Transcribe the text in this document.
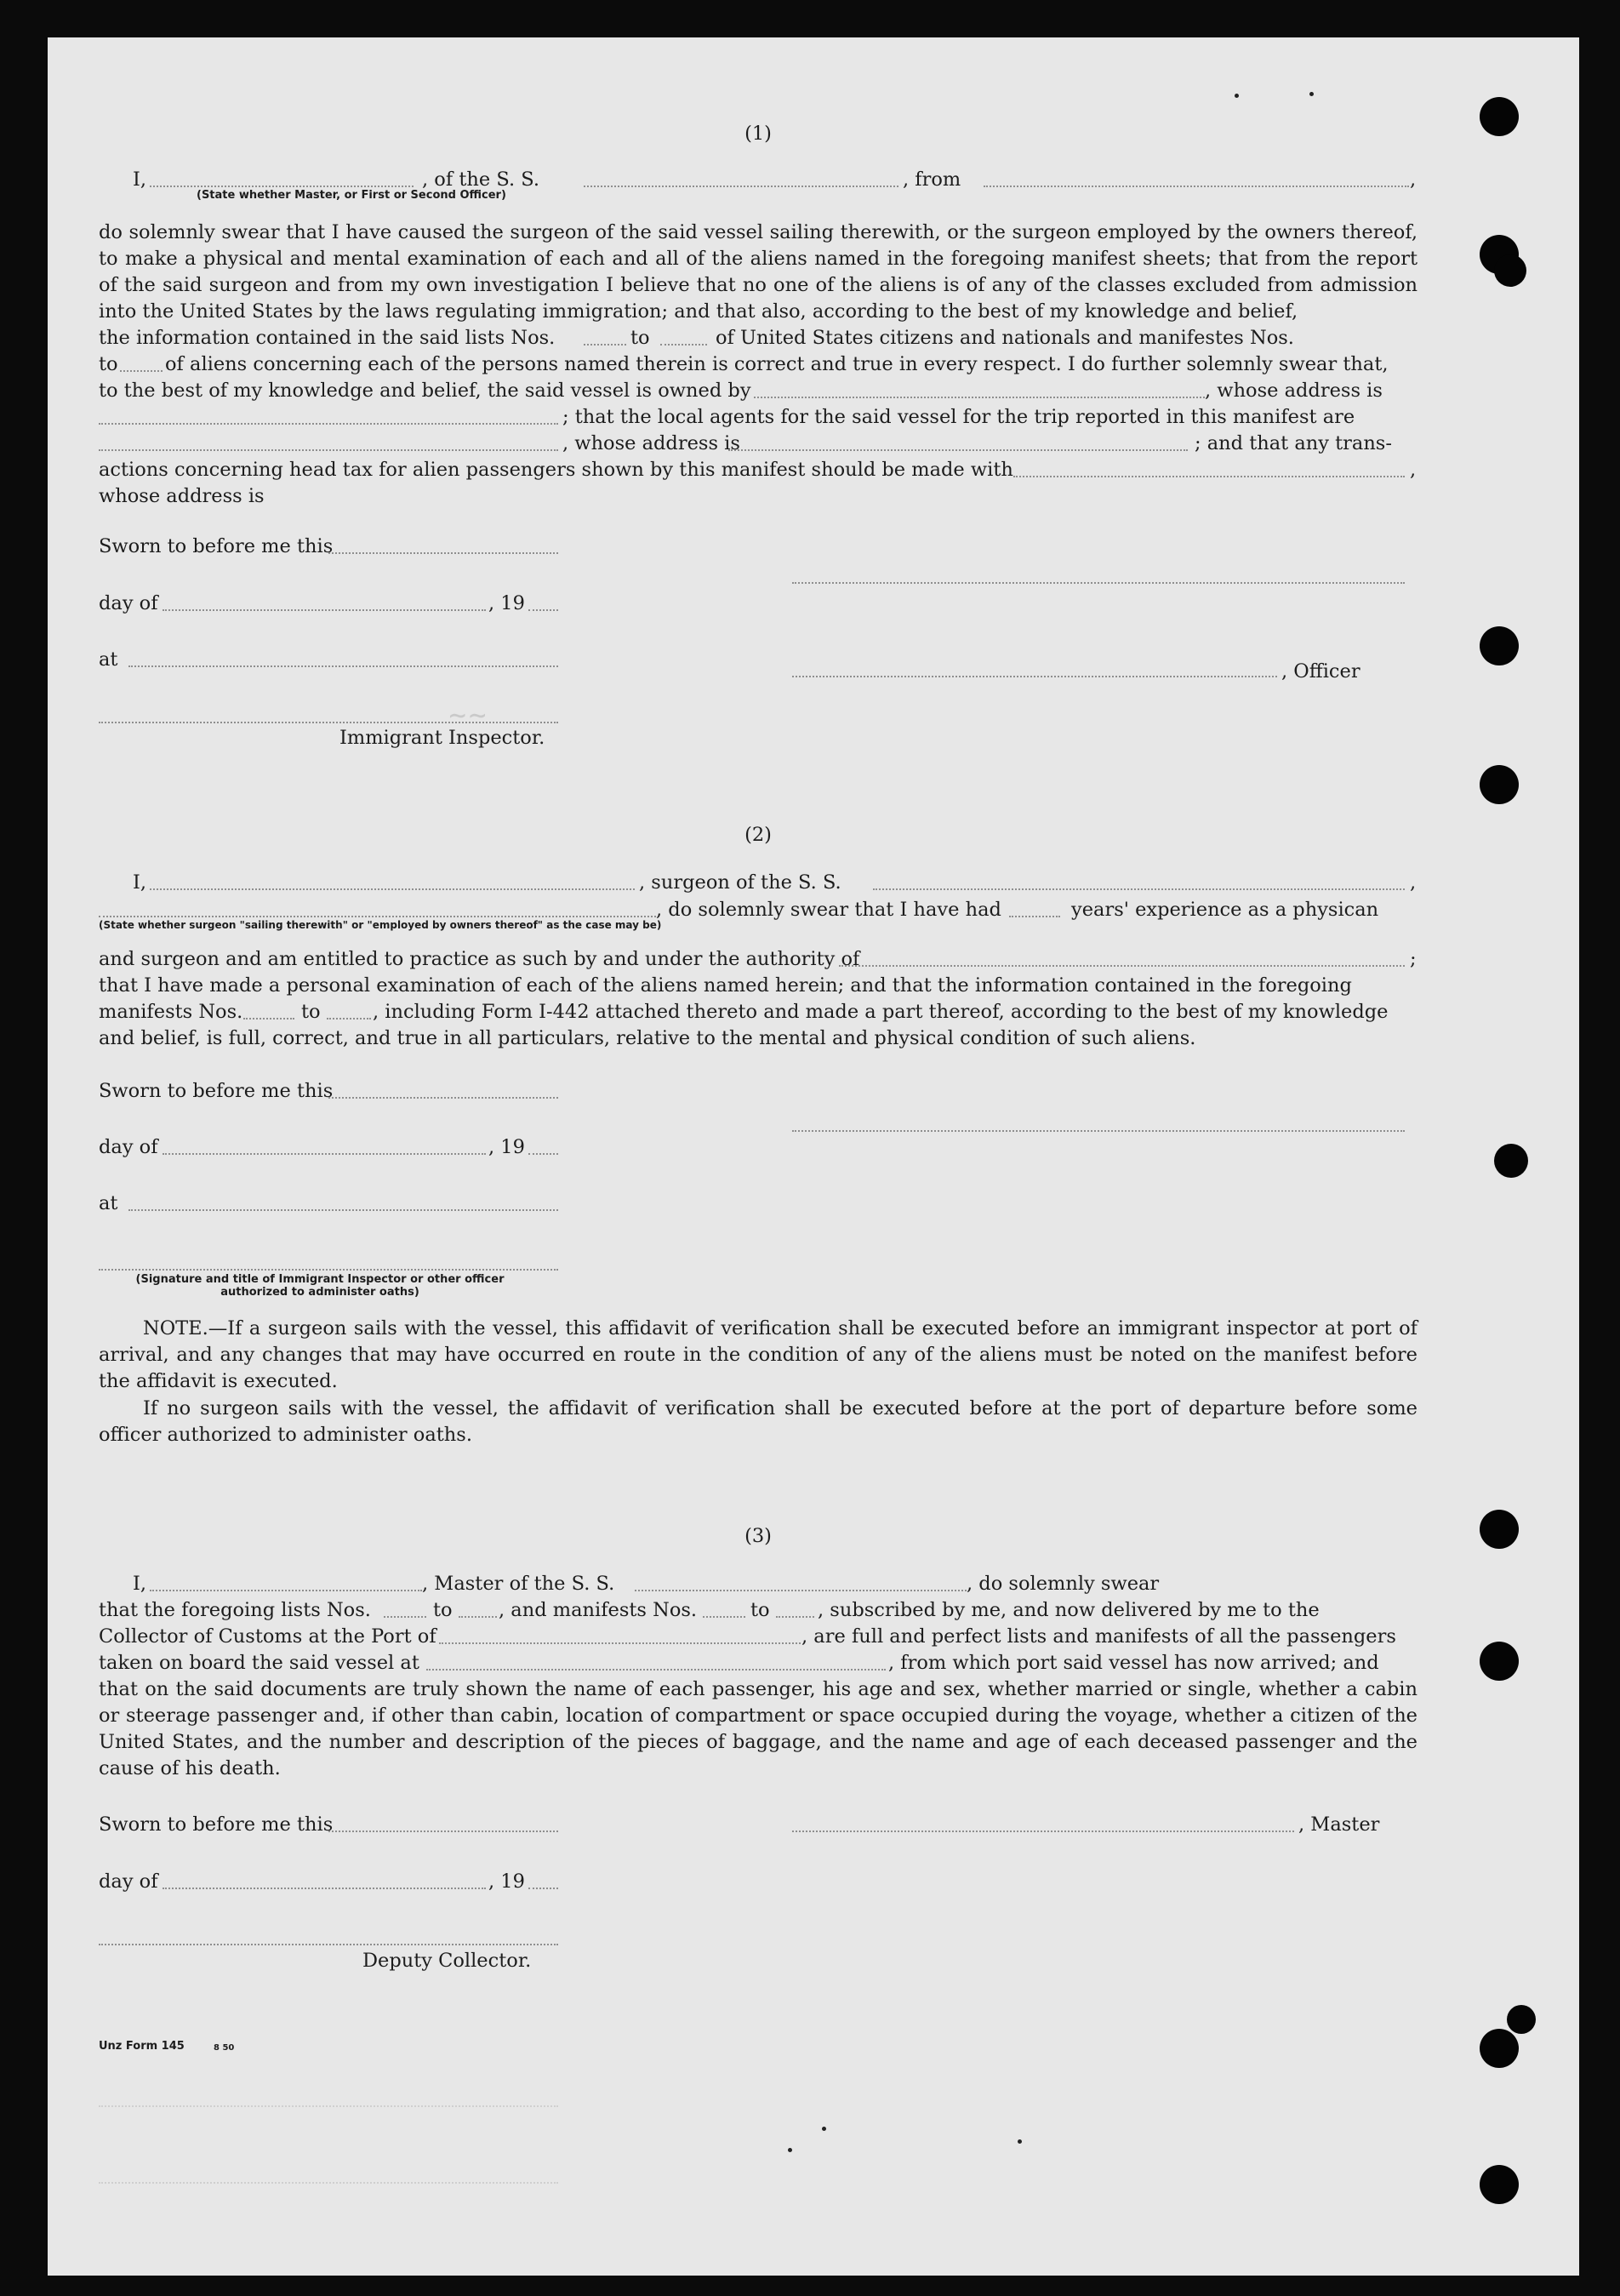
∼∼
(1)
I,	, of the S. S.	, from	,
(State whether Master, or First or Second Officer)
do solemnly swear that I have caused the surgeon of the said vessel sailing therewith, or the surgeon employed by the owners thereof, to make a physical and mental examination of each and all of the aliens named in the foregoing manifest sheets; that from the report of the said surgeon and from my own investigation I believe that no one of the aliens is of any of the classes excluded from admission into the United States by the laws regulating immigration; and that also, according to the best of my knowledge and belief,
the information contained in the said lists Nos.	to	of United States citizens and nationals and manifestes Nos.
to of aliens concerning each of the persons named therein is correct and true in every respect. I do further solemnly swear that,
to the best of my knowledge and belief, the said vessel is owned by	, whose address is
; that the local agents for the said vessel for the trip reported in this manifest are
, whose address is	; and that any trans-
actions concerning head tax for alien passengers shown by this manifest should be made with	,
whose address is
Sworn to before me this
day of	, 19
at
, Officer
Immigrant Inspector.
(2)
I,	, surgeon of the S. S.	,
, do solemnly swear that I have had	years' experience as a physican
(State whether surgeon "sailing therewith" or "employed by owners thereof" as the case may be)
and surgeon and am entitled to practice as such by and under the authority of	;
that I have made a personal examination of each of the aliens named herein; and that the information contained in the foregoing
manifests Nos.	to	, including Form I-442 attached thereto and made a part thereof, according to the best of my knowledge
and belief, is full, correct, and true in all particulars, relative to the mental and physical condition of such aliens.
Sworn to before me this
day of	, 19
at
(Signature and title of Immigrant Inspector or other officer authorized to administer oaths)
NOTE.—If a surgeon sails with the vessel, this affidavit of verification shall be executed before an immigrant inspector at port of arrival, and any changes that may have occurred en route in the condition of any of the aliens must be noted on the manifest before the affidavit is executed.
If no surgeon sails with the vessel, the affidavit of verification shall be executed before at the port of departure before some officer authorized to administer oaths.
(3)
I,	, Master of the S. S.	, do solemnly swear
that the foregoing lists Nos.	to , and manifests Nos.	to	, subscribed by me, and now delivered by me to the
Collector of Customs at the Port of	, are full and perfect lists and manifests of all the passengers
taken on board the said vessel at	, from which port said vessel has now arrived; and
that on the said documents are truly shown the name of each passenger, his age and sex, whether married or single, whether a cabin or steerage passenger and, if other than cabin, location of compartment or space occupied during the voyage, whether a citizen of the United States, and the number and description of the pieces of baggage, and the name and age of each deceased passenger and the cause of his death.
Sworn to before me this	, Master
day of	, 19
Deputy Collector.
Unz Form 145	8 50
